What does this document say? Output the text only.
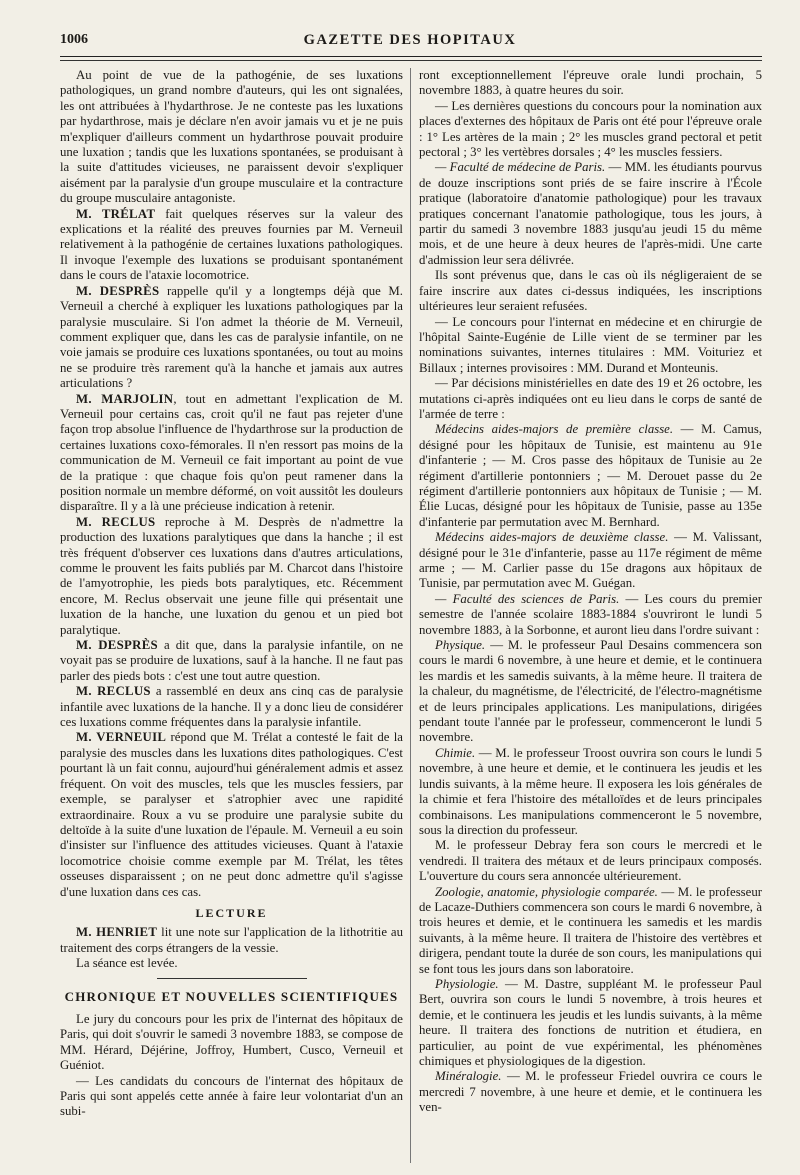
1006	GAZETTE DES HOPITAUX

Au point de vue de la pathogénie, de ses luxations pathologiques, un grand nombre d'auteurs, qui les ont signalées, les ont attribuées à l'hydarthrose. Je ne conteste pas les luxations par hydarthrose, mais je déclare n'en avoir jamais vu et je ne puis m'expliquer d'ailleurs comment un hydarthrose pouvait produire une luxation ; tandis que les luxations spontanées, se produisant à la suite d'attitudes vicieuses, ne paraissent devoir s'expliquer aisément par la paralysie d'un groupe musculaire et la contracture du groupe musculaire antagoniste.

M. TRÉLAT fait quelques réserves sur la valeur des explications et la réalité des preuves fournies par M. Verneuil relativement à la pathogénie de certaines luxations pathologiques. Il invoque l'exemple des luxations se produisant spontanément dans le cours de l'ataxie locomotrice.

M. DESPRÈS rappelle qu'il y a longtemps déjà que M. Verneuil a cherché à expliquer les luxations pathologiques par la paralysie musculaire. Si l'on admet la théorie de M. Verneuil, comment expliquer que, dans les cas de paralysie infantile, on ne voie jamais se produire ces luxations spontanées, ou tout au moins ne se produire très rarement qu'à la hanche et jamais aux autres articulations ?

M. MARJOLIN, tout en admettant l'explication de M. Verneuil pour certains cas, croit qu'il ne faut pas rejeter d'une façon trop absolue l'influence de l'hydarthrose sur la production de certaines luxations coxo-fémorales. Il n'en ressort pas moins de la communication de M. Verneuil ce fait important au point de vue de la pratique : que chaque fois qu'on peut ramener dans la position normale un membre déformé, on voit aussitôt les douleurs disparaître. Il y a là une précieuse indication à retenir.

M. RECLUS reproche à M. Desprès de n'admettre la production des luxations paralytiques que dans la hanche ; il est très fréquent d'observer ces luxations dans d'autres articulations, comme le prouvent les faits publiés par M. Charcot dans l'histoire de l'amyotrophie, les pieds bots paralytiques, etc. Récemment encore, M. Reclus observait une jeune fille qui présentait une luxation de la hanche, une luxation du genou et un pied bot paralytique.

M. DESPRÈS a dit que, dans la paralysie infantile, on ne voyait pas se produire de luxations, sauf à la hanche. Il ne faut pas parler des pieds bots : c'est une tout autre question.

M. RECLUS a rassemblé en deux ans cinq cas de paralysie infantile avec luxations de la hanche. Il y a donc lieu de considérer ces luxations comme fréquentes dans la paralysie infantile.

M. VERNEUIL répond que M. Trélat a contesté le fait de la paralysie des muscles dans les luxations dites pathologiques. C'est pourtant là un fait connu, aujourd'hui généralement admis et assez fréquent. On voit des muscles, tels que les muscles fessiers, par exemple, se paralyser et s'atrophier avec une rapidité extraordinaire. Roux a vu se produire une paralysie subite du deltoïde à la suite d'une luxation de l'épaule. M. Verneuil a eu soin d'insister sur l'influence des attitudes vicieuses. Quant à l'ataxie locomotrice choisie comme exemple par M. Trélat, les têtes osseuses disparaissent ; on ne peut donc admettre qu'il s'agisse d'une luxation dans ces cas.

LECTURE

M. HENRIET lit une note sur l'application de la lithotritie au traitement des corps étrangers de la vessie.

La séance est levée.

CHRONIQUE ET NOUVELLES SCIENTIFIQUES

Le jury du concours pour les prix de l'internat des hôpitaux de Paris, qui doit s'ouvrir le samedi 3 novembre 1883, se compose de MM. Hérard, Déjérine, Joffroy, Humbert, Cusco, Verneuil et Guéniot.

— Les candidats du concours de l'internat des hôpitaux de Paris qui sont appelés cette année à faire leur volontariat d'un an subi-

ront exceptionnellement l'épreuve orale lundi prochain, 5 novembre 1883, à quatre heures du soir.

— Les dernières questions du concours pour la nomination aux places d'externes des hôpitaux de Paris ont été pour l'épreuve orale : 1° Les artères de la main ; 2° les muscles grand pectoral et petit pectoral ; 3° les vertèbres dorsales ; 4° les muscles fessiers.

— Faculté de médecine de Paris. — MM. les étudiants pourvus de douze inscriptions sont priés de se faire inscrire à l'École pratique (laboratoire d'anatomie pathologique) pour les travaux pratiques concernant l'anatomie pathologique, tous les jours, à partir du samedi 3 novembre 1883 jusqu'au jeudi 15 du même mois, et de une heure à deux heures de l'après-midi. Une carte d'admission leur sera délivrée.

Ils sont prévenus que, dans le cas où ils négligeraient de se faire inscrire aux dates ci-dessus indiquées, les inscriptions ultérieures leur seraient refusées.

— Le concours pour l'internat en médecine et en chirurgie de l'hôpital Sainte-Eugénie de Lille vient de se terminer par les nominations suivantes, internes titulaires : MM. Voituriez et Billaux ; internes provisoires : MM. Durand et Monteunis.

— Par décisions ministérielles en date des 19 et 26 octobre, les mutations ci-après indiquées ont eu lieu dans le corps de santé de l'armée de terre :

Médecins aides-majors de première classe. — M. Camus, désigné pour les hôpitaux de Tunisie, est maintenu au 91e d'infanterie ; — M. Cros passe des hôpitaux de Tunisie au 2e régiment d'artillerie pontonniers ; — M. Derouet passe du 2e régiment d'artillerie pontonniers aux hôpitaux de Tunisie ; — M. Élie Lucas, désigné pour les hôpitaux de Tunisie, passe au 135e d'infanterie par permutation avec M. Bernhard.

Médecins aides-majors de deuxième classe. — M. Valissant, désigné pour le 31e d'infanterie, passe au 117e régiment de même arme ; — M. Carlier passe du 15e dragons aux hôpitaux de Tunisie, par permutation avec M. Guégan.

— Faculté des sciences de Paris. — Les cours du premier semestre de l'année scolaire 1883-1884 s'ouvriront le lundi 5 novembre 1883, à la Sorbonne, et auront lieu dans l'ordre suivant :

Physique. — M. le professeur Paul Desains commencera son cours le mardi 6 novembre, à une heure et demie, et le continuera les mardis et les samedis suivants, à la même heure. Il traitera de la chaleur, du magnétisme, de l'électricité, de l'électro-magnétisme et de leurs principales applications. Les manipulations, dirigées pendant toute l'année par le professeur, commenceront le lundi 5 novembre.

Chimie. — M. le professeur Troost ouvrira son cours le lundi 5 novembre, à une heure et demie, et le continuera les jeudis et les lundis suivants, à la même heure. Il exposera les lois générales de la chimie et fera l'histoire des métalloïdes et de leurs principales combinaisons. Les manipulations commenceront le 5 novembre, sous la direction du professeur.

M. le professeur Debray fera son cours le mercredi et le vendredi. Il traitera des métaux et de leurs principaux composés. L'ouverture du cours sera annoncée ultérieurement.

Zoologie, anatomie, physiologie comparée. — M. le professeur de Lacaze-Duthiers commencera son cours le mardi 6 novembre, à trois heures et demie, et le continuera les samedis et les mardis suivants, à la même heure. Il traitera de l'histoire des vertèbres et dirigera, pendant toute la durée de son cours, les manipulations qui se font tous les jours dans son laboratoire.

Physiologie. — M. Dastre, suppléant M. le professeur Paul Bert, ouvrira son cours le lundi 5 novembre, à trois heures et demie, et le continuera les jeudis et les lundis suivants, à la même heure. Il traitera des fonctions de nutrition et étudiera, en particulier, au point de vue expérimental, les phénomènes chimiques et physiologiques de la digestion.

Minéralogie. — M. le professeur Friedel ouvrira ce cours le mercredi 7 novembre, à une heure et demie, et le continuera les ven-
